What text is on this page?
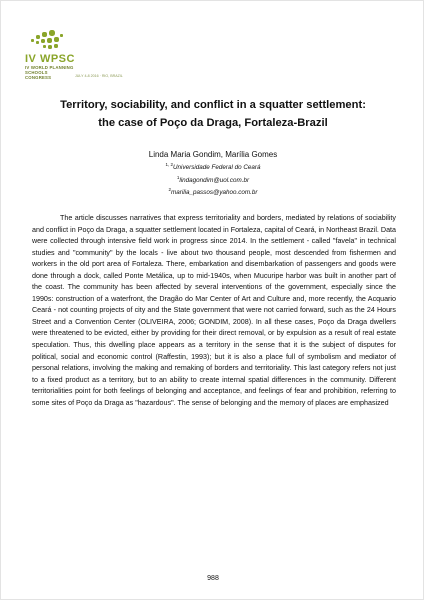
IV WPSC
IV WORLD PLANNING SCHOOLS CONGRESS	JULY 4-8 2016 · RIO, BRAZIL
Territory, sociability, and conflict in a squatter settlement:
the case of Poço da Draga, Fortaleza-Brazil
Linda Maria Gondim, Marília Gomes
$^{1, 2}$Universidade Federal do Ceará
$^1$lindagondim@uol.com.br
$^2$marilia_passos@yahoo.com.br

The article discusses narratives that express territoriality and borders, mediated by relations of sociability and conflict in Poço da Draga, a squatter settlement located in Fortaleza, capital of Ceará, in Northeast Brazil. Data were collected through intensive field work in progress since 2014. In the settlement - called "favela" in technical studies and "community" by the locals - live about two thousand people, most descended from fishermen and workers in the old port area of Fortaleza. There, embarkation and disembarkation of passengers and goods were done through a dock, called Ponte Metálica, up to mid-1940s, when Mucuripe harbor was built in another part of the coast. The community has been affected by several interventions of the government, especially since the 1990s: construction of a waterfront, the Dragão do Mar Center of Art and Culture and, more recently, the Acquario Ceará - not counting projects of city and the State government that were not carried forward, such as the 24 Hours Street and a Convention Center (OLIVEIRA, 2006; GONDIM, 2008). In all these cases, Poço da Draga dwellers were threatened to be evicted, either by providing for their direct removal, or by expulsion as a result of real estate speculation. Thus, this dwelling place appears as a territory in the sense that it is the subject of disputes for political, social and economic control (Raffestin, 1993); but it is also a place full of symbolism and mediator of personal relations, involving the making and remaking of borders and territoriality. This last category refers not just to a fixed product as a territory, but to an ability to create internal spatial differences in the community. Different territorialities point for both feelings of belonging and acceptance, and feelings of fear and prohibition, referring to some sites of Poço da Draga as "hazardous". The sense of belonging and the memory of places are emphasized

988
